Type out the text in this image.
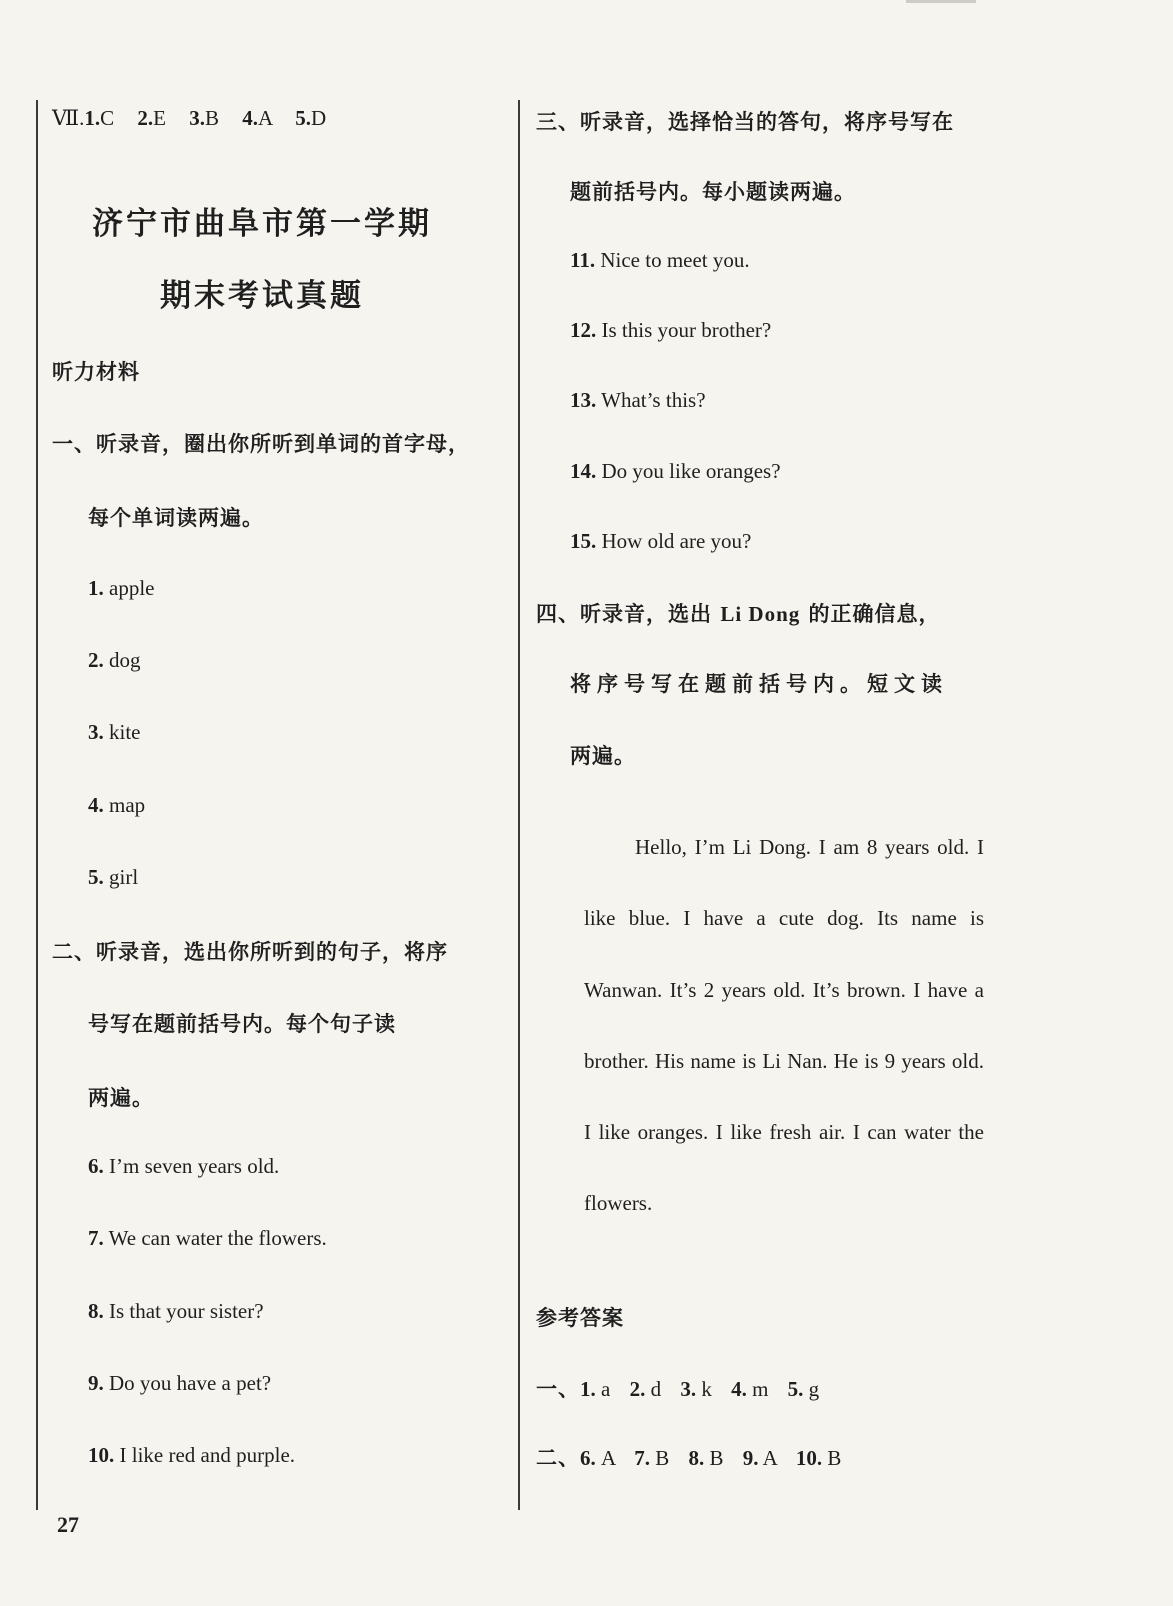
Ⅶ.1.C 2.E 3.B 4.A 5.D
济宁市曲阜市第一学期
期末考试真题
听力材料
一、听录音，圈出你所听到单词的首字母，
每个单词读两遍。
1. apple
2. dog
3. kite
4. map
5. girl
二、听录音，选出你所听到的句子，将序
号写在题前括号内。每个句子读
两遍。
6. I’m seven years old.
7. We can water the flowers.
8. Is that your sister?
9. Do you have a pet?
10. I like red and purple.
三、听录音，选择恰当的答句，将序号写在
题前括号内。每小题读两遍。
11. Nice to meet you.
12. Is this your brother?
13. What’s this?
14. Do you like oranges?
15. How old are you?
四、听录音，选出 Li Dong 的正确信息，
将序号写在题前括号内。短文读
两遍。
Hello, I’m Li Dong. I am 8 years old. I like blue. I have a cute dog. Its name is Wanwan. It’s 2 years old. It’s brown. I have a brother. His name is Li Nan. He is 9 years old. I like oranges. I like fresh air. I can water the flowers.
参考答案
一、1. a 2. d 3. k 4. m 5. g
二、6. A 7. B 8. B 9. A 10. B
27
